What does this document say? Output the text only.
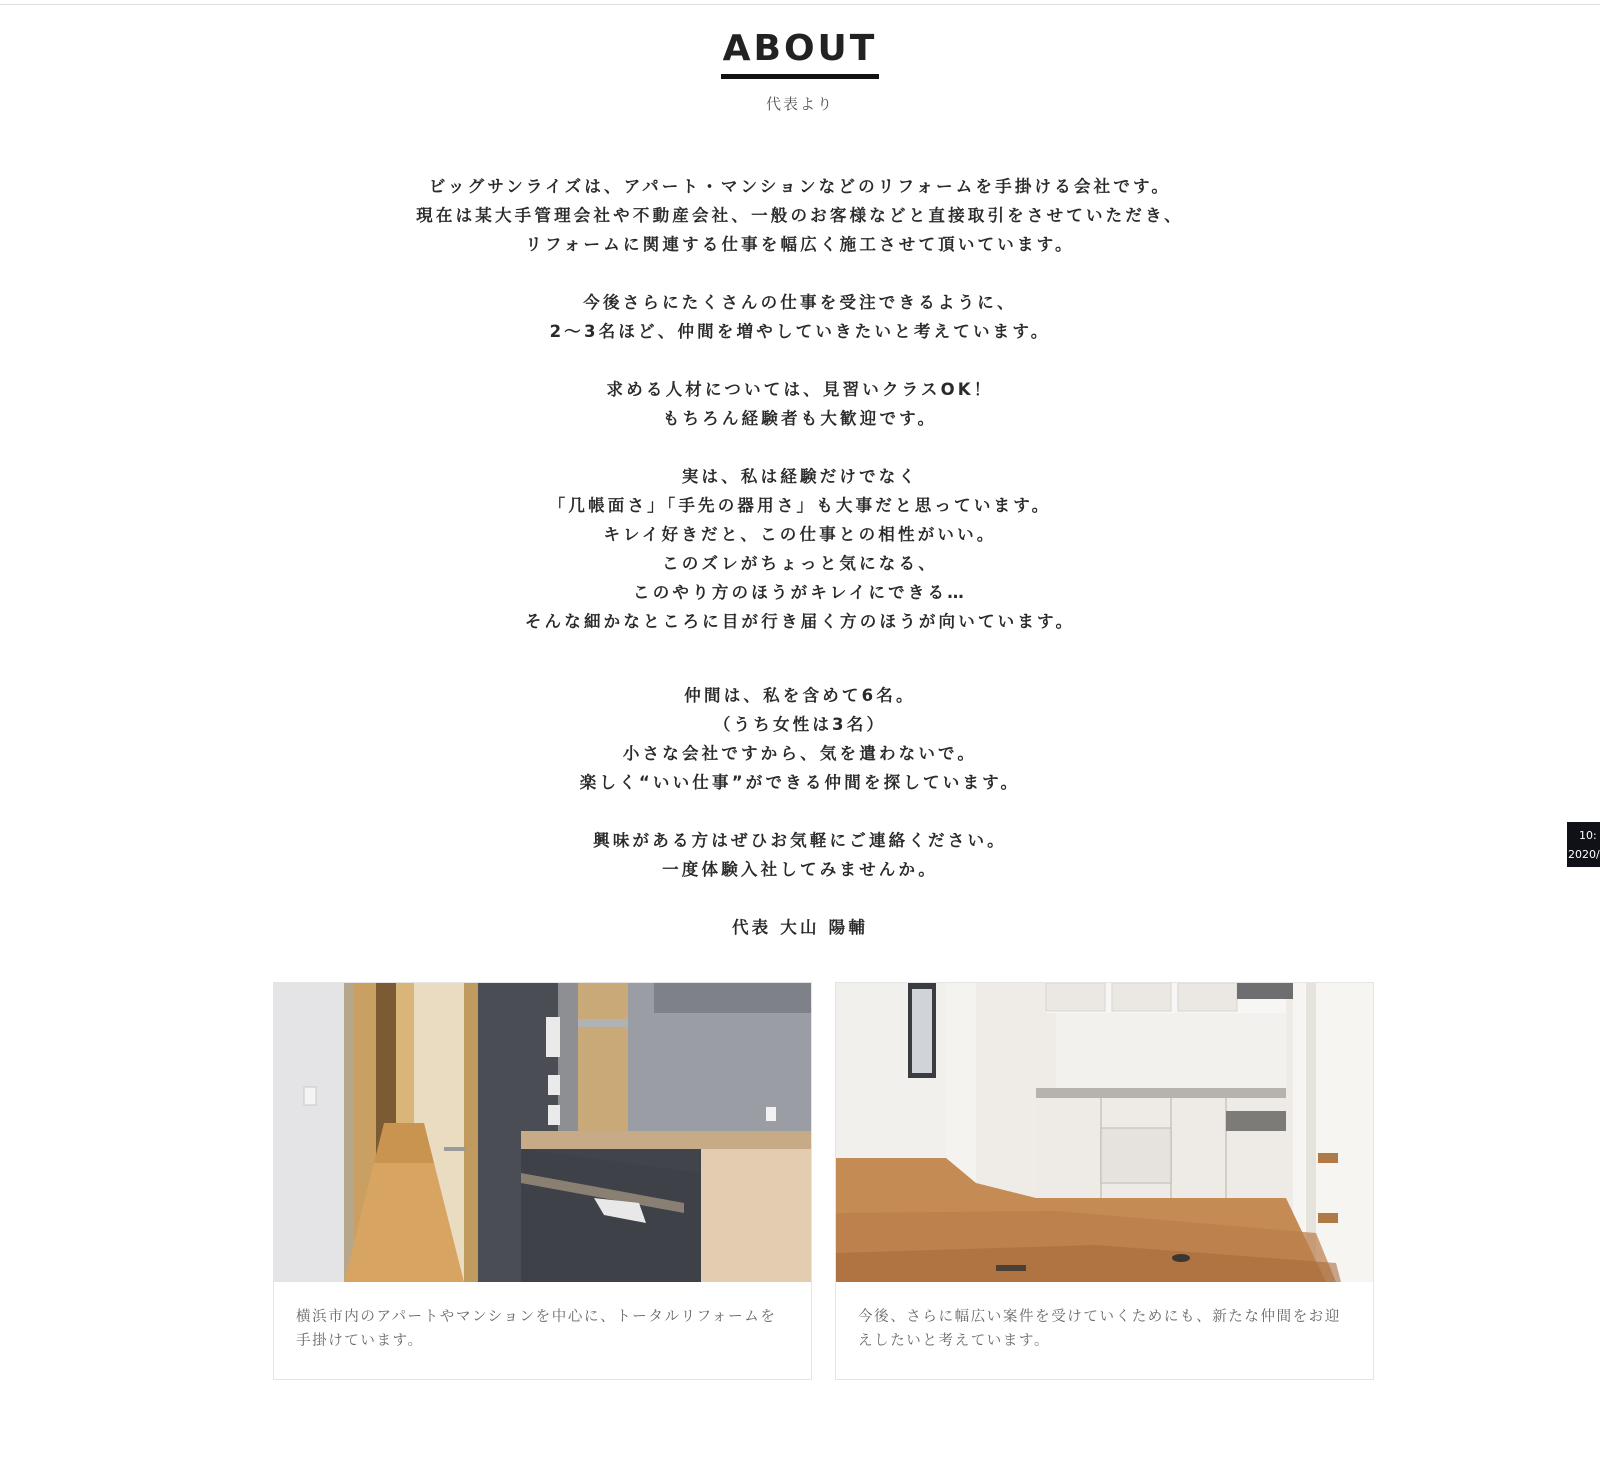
ABOUT
代表より
ビッグサンライズは、アパート・マンションなどのリフォームを手掛ける会社です。
現在は某大手管理会社や不動産会社、一般のお客様などと直接取引をさせていただき、
リフォームに関連する仕事を幅広く施工させて頂いています。
今後さらにたくさんの仕事を受注できるように、
2～3名ほど、仲間を増やしていきたいと考えています。
求める人材については、見習いクラスOK！
もちろん経験者も大歓迎です。
実は、私は経験だけでなく
「几帳面さ」「手先の器用さ」も大事だと思っています。
キレイ好きだと、この仕事との相性がいい。
このズレがちょっと気になる、
このやり方のほうがキレイにできる…
そんな細かなところに目が行き届く方のほうが向いています。
仲間は、私を含めて6名。
（うち女性は3名）
小さな会社ですから、気を遣わないで。
楽しく“いい仕事”ができる仲間を探しています。
興味がある方はぜひお気軽にご連絡ください。
一度体験入社してみませんか。
代表 大山 陽輔
横浜市内のアパートやマンションを中心に、トータルリフォームを
手掛けています。
今後、さらに幅広い案件を受けていくためにも、新たな仲間をお迎
えしたいと考えています。
10:
2020/
